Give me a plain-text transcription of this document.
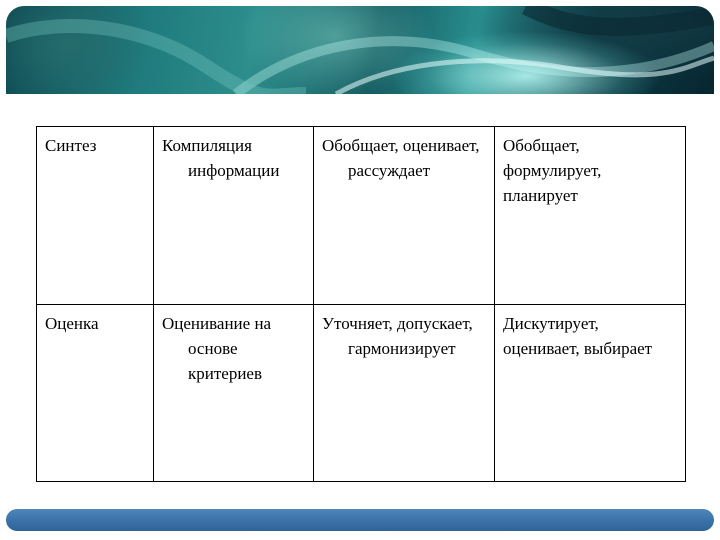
Синтез	Компиляция информации	Обобщает, оценивает, рассуждает	Обобщает, формулирует, планирует

Оценка	Оценивание на основе критериев	Уточняет, допускает, гармонизирует	Дискутирует, оценивает, выбирает
